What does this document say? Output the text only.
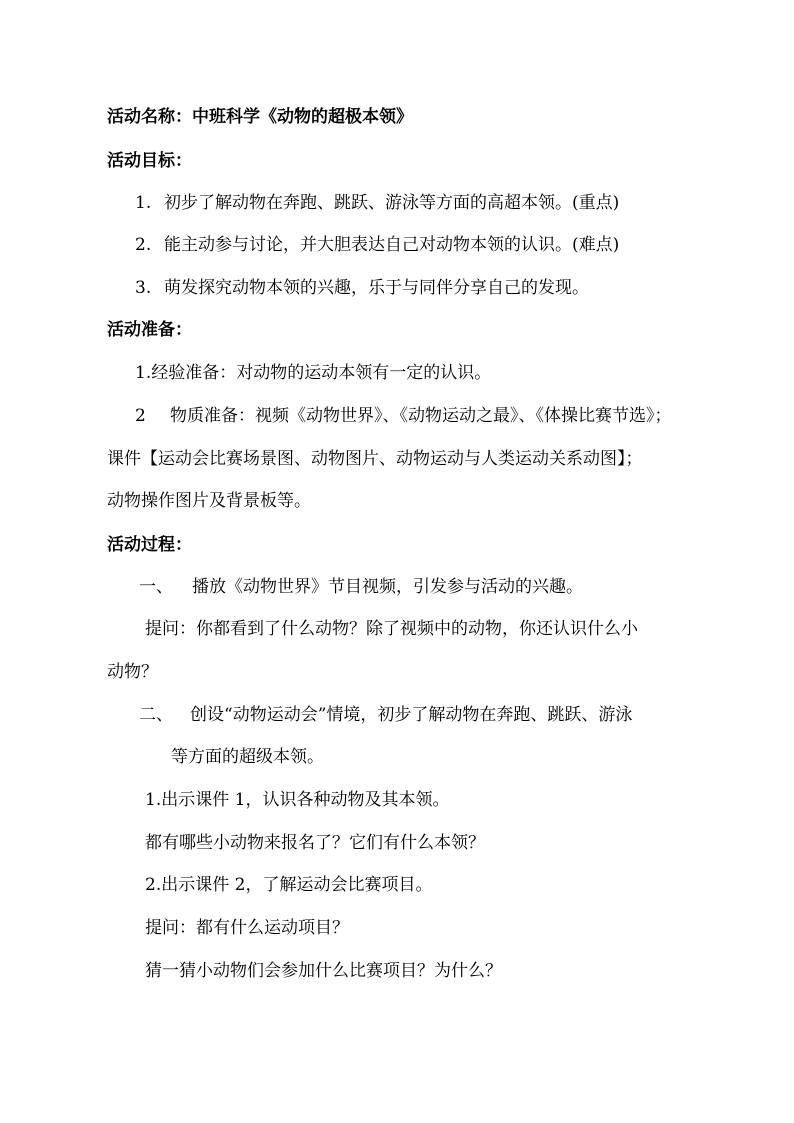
活动名称：中班科学《动物的超极本领》
活动目标：
1. 初步了解动物在奔跑、跳跃、游泳等方面的高超本领。(重点)
2. 能主动参与讨论，并大胆表达自己对动物本领的认识。(难点)
3. 萌发探究动物本领的兴趣，乐于与同伴分享自己的发现。
活动准备：
1.经验准备：对动物的运动本领有一定的认识。
2 物质准备：视频《动物世界》、《动物运动之最》、《体操比赛节选》；
课件【运动会比赛场景图、动物图片、动物运动与人类运动关系动图】；
动物操作图片及背景板等。
活动过程：
一、 播放《动物世界》节目视频，引发参与活动的兴趣。
提问：你都看到了什么动物？除了视频中的动物，你还认识什么小
动物？
二、 创设“动物运动会”情境，初步了解动物在奔跑、跳跃、游泳
等方面的超级本领。
1.出示课件 1，认识各种动物及其本领。
都有哪些小动物来报名了？它们有什么本领？
2.出示课件 2，了解运动会比赛项目。
提问：都有什么运动项目？
猜一猜小动物们会参加什么比赛项目？为什么？
